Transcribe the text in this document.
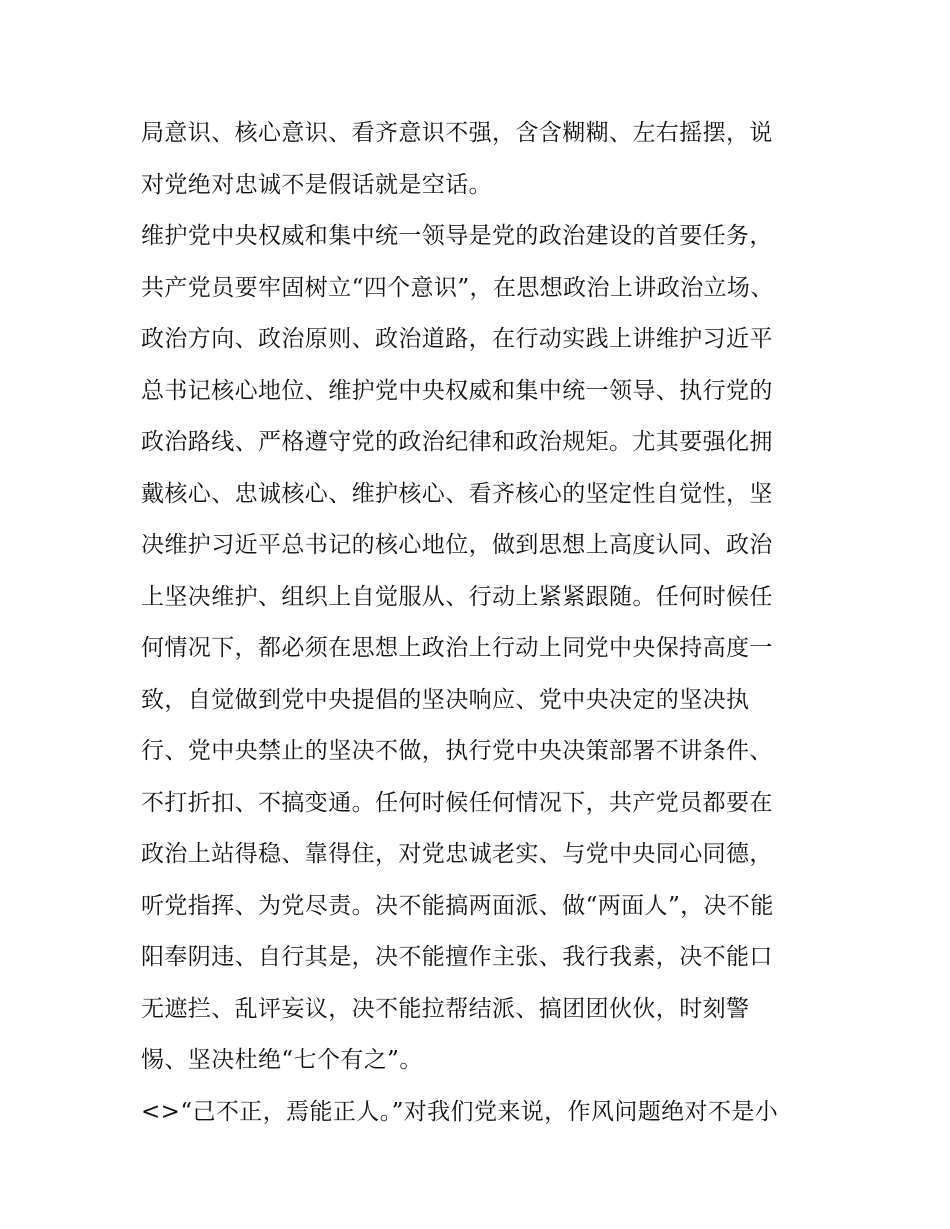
局意识、核心意识、看齐意识不强，含含糊糊、左右摇摆，说
对党绝对忠诚不是假话就是空话。
维护党中央权威和集中统一领导是党的政治建设的首要任务，
共产党员要牢固树立“四个意识”，在思想政治上讲政治立场、
政治方向、政治原则、政治道路，在行动实践上讲维护习近平
总书记核心地位、维护党中央权威和集中统一领导、执行党的
政治路线、严格遵守党的政治纪律和政治规矩。尤其要强化拥
戴核心、忠诚核心、维护核心、看齐核心的坚定性自觉性，坚
决维护习近平总书记的核心地位，做到思想上高度认同、政治
上坚决维护、组织上自觉服从、行动上紧紧跟随。任何时候任
何情况下，都必须在思想上政治上行动上同党中央保持高度一
致，自觉做到党中央提倡的坚决响应、党中央决定的坚决执
行、党中央禁止的坚决不做，执行党中央决策部署不讲条件、
不打折扣、不搞变通。任何时候任何情况下，共产党员都要在
政治上站得稳、靠得住，对党忠诚老实、与党中央同心同德，
听党指挥、为党尽责。决不能搞两面派、做“两面人”，决不能
阳奉阴违、自行其是，决不能擅作主张、我行我素，决不能口
无遮拦、乱评妄议，决不能拉帮结派、搞团团伙伙，时刻警
惕、坚决杜绝“七个有之”。
<>“己不正，焉能正人。”对我们党来说，作风问题绝对不是小
